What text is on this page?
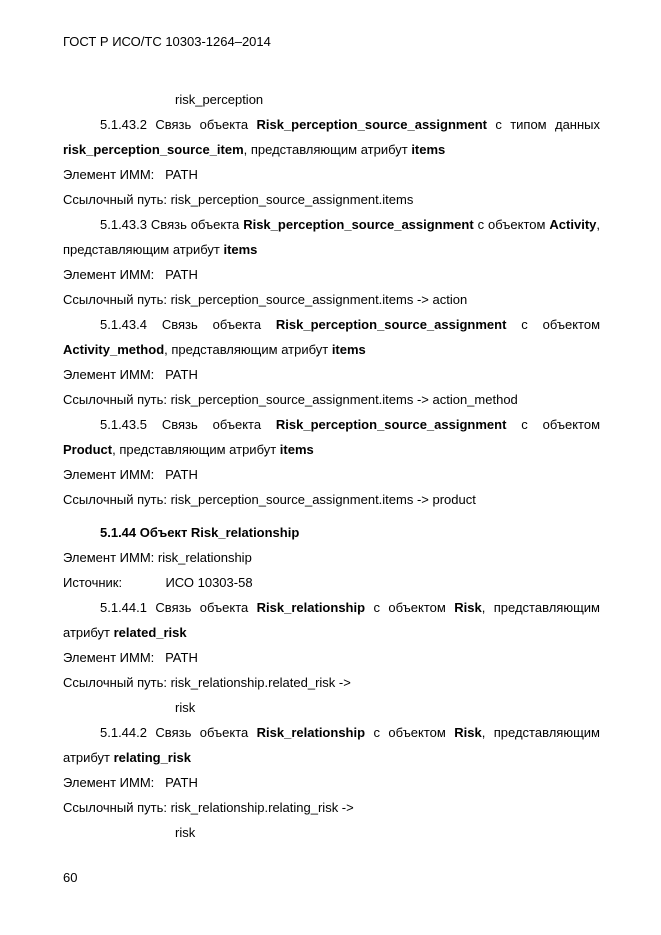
ГОСТ Р ИСО/ТС 10303-1264–2014
risk_perception
5.1.43.2 Связь объекта Risk_perception_source_assignment с типом данных risk_perception_source_item, представляющим атрибут items
Элемент ИММ:   PATH
Ссылочный путь: risk_perception_source_assignment.items
5.1.43.3 Связь объекта Risk_perception_source_assignment с объектом Activity, представляющим атрибут items
Элемент ИММ:   PATH
Ссылочный путь: risk_perception_source_assignment.items -> action
5.1.43.4 Связь объекта Risk_perception_source_assignment с объектом Activity_method, представляющим атрибут items
Элемент ИММ:   PATH
Ссылочный путь: risk_perception_source_assignment.items -> action_method
5.1.43.5 Связь объекта Risk_perception_source_assignment с объектом Product, представляющим атрибут items
Элемент ИММ:   PATH
Ссылочный путь: risk_perception_source_assignment.items -> product
5.1.44 Объект Risk_relationship
Элемент ИММ: risk_relationship
Источник:            ИСО 10303-58
5.1.44.1 Связь объекта Risk_relationship с объектом Risk, представляющим атрибут related_risk
Элемент ИММ:   PATH
Ссылочный путь: risk_relationship.related_risk ->
risk
5.1.44.2 Связь объекта Risk_relationship с объектом Risk, представляющим атрибут relating_risk
Элемент ИММ:   PATH
Ссылочный путь: risk_relationship.relating_risk ->
risk
60
